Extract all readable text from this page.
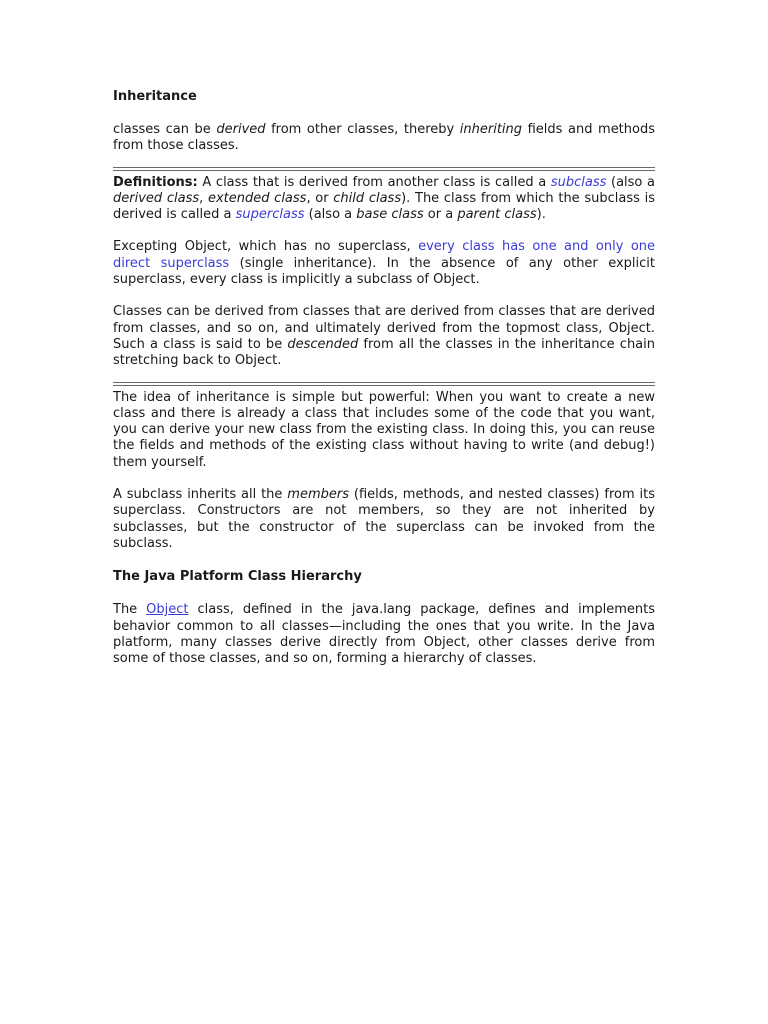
Inheritance

classes can be derived from other classes, thereby inheriting fields and methods from those classes.

Definitions: A class that is derived from another class is called a subclass (also a derived class, extended class, or child class). The class from which the subclass is derived is called a superclass (also a base class or a parent class).

Excepting Object, which has no superclass, every class has one and only one direct superclass (single inheritance). In the absence of any other explicit superclass, every class is implicitly a subclass of Object.

Classes can be derived from classes that are derived from classes that are derived from classes, and so on, and ultimately derived from the topmost class, Object. Such a class is said to be descended from all the classes in the inheritance chain stretching back to Object.

The idea of inheritance is simple but powerful: When you want to create a new class and there is already a class that includes some of the code that you want, you can derive your new class from the existing class. In doing this, you can reuse the fields and methods of the existing class without having to write (and debug!) them yourself.

A subclass inherits all the members (fields, methods, and nested classes) from its superclass. Constructors are not members, so they are not inherited by subclasses, but the constructor of the superclass can be invoked from the subclass.

The Java Platform Class Hierarchy

The Object class, defined in the java.lang package, defines and implements behavior common to all classes—including the ones that you write. In the Java platform, many classes derive directly from Object, other classes derive from some of those classes, and so on, forming a hierarchy of classes.
